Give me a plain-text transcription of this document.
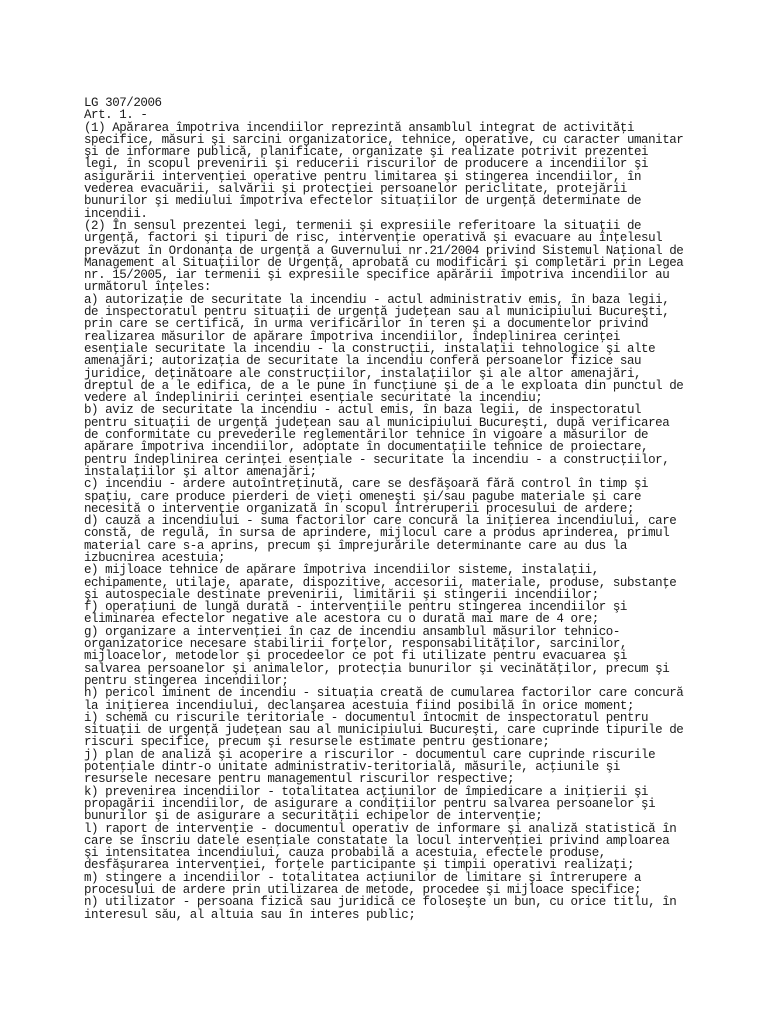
LG 307/2006
Art. 1. -
(1) Apărarea împotriva incendiilor reprezintă ansamblul integrat de activităţi
specifice, măsuri şi sarcini organizatorice, tehnice, operative, cu caracter umanitar
şi de informare publică, planificate, organizate şi realizate potrivit prezentei
legi, în scopul prevenirii şi reducerii riscurilor de producere a incendiilor şi
asigurării intervenţiei operative pentru limitarea şi stingerea incendiilor, în
vederea evacuării, salvării şi protecţiei persoanelor periclitate, protejării
bunurilor şi mediului împotriva efectelor situaţiilor de urgenţă determinate de
incendii.
(2) În sensul prezentei legi, termenii şi expresiile referitoare la situaţii de
urgenţă, factori şi tipuri de risc, intervenţie operativă şi evacuare au înţelesul
prevăzut în Ordonanţa de urgenţă a Guvernului nr.21/2004 privind Sistemul Naţional de
Management al Situaţiilor de Urgenţă, aprobată cu modificări şi completări prin Legea
nr. 15/2005, iar termenii şi expresiile specifice apărării împotriva incendiilor au
următorul înţeles:
a) autorizaţie de securitate la incendiu - actul administrativ emis, în baza legii,
de inspectoratul pentru situaţii de urgenţă judeţean sau al municipiului Bucureşti,
prin care se certifică, în urma verificărilor în teren şi a documentelor privind
realizarea măsurilor de apărare împotriva incendiilor, îndeplinirea cerinţei
esenţiale securitate la incendiu - la construcţii, instalaţii tehnologice şi alte
amenajări; autorizaţia de securitate la incendiu conferă persoanelor fizice sau
juridice, deţinătoare ale construcţiilor, instalaţiilor şi ale altor amenajări,
dreptul de a le edifica, de a le pune în funcţiune şi de a le exploata din punctul de
vedere al îndeplinirii cerinţei esenţiale securitate la incendiu;
b) aviz de securitate la incendiu - actul emis, în baza legii, de inspectoratul
pentru situaţii de urgenţă judeţean sau al municipiului Bucureşti, după verificarea
de conformitate cu prevederile reglementărilor tehnice în vigoare a măsurilor de
apărare împotriva incendiilor, adoptate în documentaţiile tehnice de proiectare,
pentru îndeplinirea cerinţei esenţiale - securitate la incendiu - a construcţiilor,
instalaţiilor şi altor amenajări;
c) incendiu - ardere autoîntreţinută, care se desfăşoară fără control în timp şi
spaţiu, care produce pierderi de vieţi omeneşti şi/sau pagube materiale şi care
necesită o intervenţie organizată în scopul întreruperii procesului de ardere;
d) cauză a incendiului - suma factorilor care concură la iniţierea incendiului, care
constă, de regulă, în sursa de aprindere, mijlocul care a produs aprinderea, primul
material care s-a aprins, precum şi împrejurările determinante care au dus la
izbucnirea acestuia;
e) mijloace tehnice de apărare împotriva incendiilor sisteme, instalaţii,
echipamente, utilaje, aparate, dispozitive, accesorii, materiale, produse, substanţe
şi autospeciale destinate prevenirii, limitării şi stingerii incendiilor;
f) operaţiuni de lungă durată - intervenţiile pentru stingerea incendiilor şi
eliminarea efectelor negative ale acestora cu o durată mai mare de 4 ore;
g) organizare a intervenţiei în caz de incendiu ansamblul măsurilor tehnico-
organizatorice necesare stabilirii forţelor, responsabilităţilor, sarcinilor,
mijloacelor, metodelor şi procedeelor ce pot fi utilizate pentru evacuarea şi
salvarea persoanelor şi animalelor, protecţia bunurilor şi vecinătăţilor, precum şi
pentru stingerea incendiilor;
h) pericol iminent de incendiu - situaţia creată de cumularea factorilor care concură
la iniţierea incendiului, declanşarea acestuia fiind posibilă în orice moment;
i) schemă cu riscurile teritoriale - documentul întocmit de inspectoratul pentru
situaţii de urgenţă judeţean sau al municipiului Bucureşti, care cuprinde tipurile de
riscuri specifice, precum şi resursele estimate pentru gestionare;
j) plan de analiză şi acoperire a riscurilor - documentul care cuprinde riscurile
potenţiale dintr-o unitate administrativ-teritorială, măsurile, acţiunile şi
resursele necesare pentru managementul riscurilor respective;
k) prevenirea incendiilor - totalitatea acţiunilor de împiedicare a iniţierii şi
propagării incendiilor, de asigurare a condiţiilor pentru salvarea persoanelor şi
bunurilor şi de asigurare a securităţii echipelor de intervenţie;
l) raport de intervenţie - documentul operativ de informare şi analiză statistică în
care se înscriu datele esenţiale constatate la locul intervenţiei privind amploarea
şi intensitatea incendiului, cauza probabilă a acestuia, efectele produse,
desfăşurarea intervenţiei, forţele participante şi timpii operativi realizaţi;
m) stingere a incendiilor - totalitatea acţiunilor de limitare şi întrerupere a
procesului de ardere prin utilizarea de metode, procedee şi mijloace specifice;
n) utilizator - persoana fizică sau juridică ce foloseşte un bun, cu orice titlu, în
interesul său, al altuia sau în interes public;
